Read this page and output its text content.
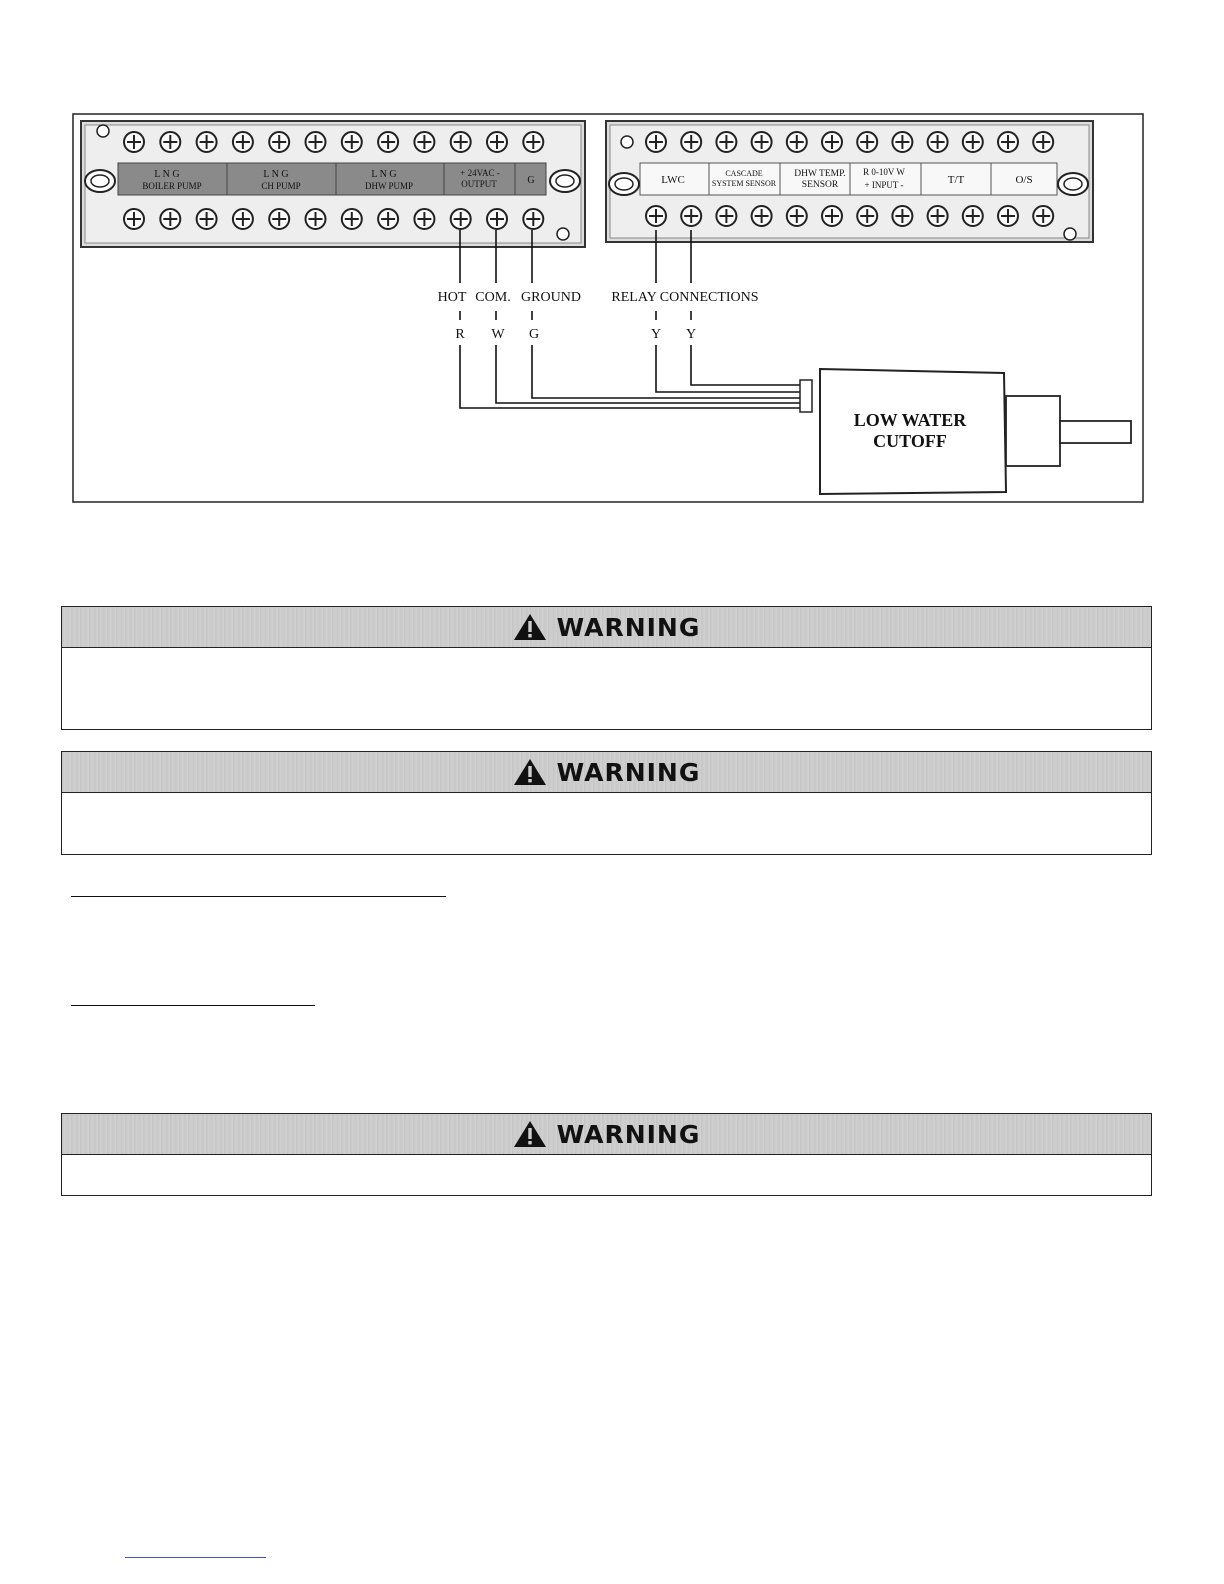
L N G
BOILER PUMP
L N G
CH PUMP
L N G
DHW PUMP
+ 24VAC -
OUTPUT	G	LWC
CASCADE
SYSTEM SENSOR
DHW TEMP.
SENSOR
R 0-10V W
+ INPUT -	T/T	O/S
HOT COM. GROUND RELAY CONNECTIONS
R W G	Y Y
LOW WATER
CUTOFF
WARNING
WARNING
WARNING
